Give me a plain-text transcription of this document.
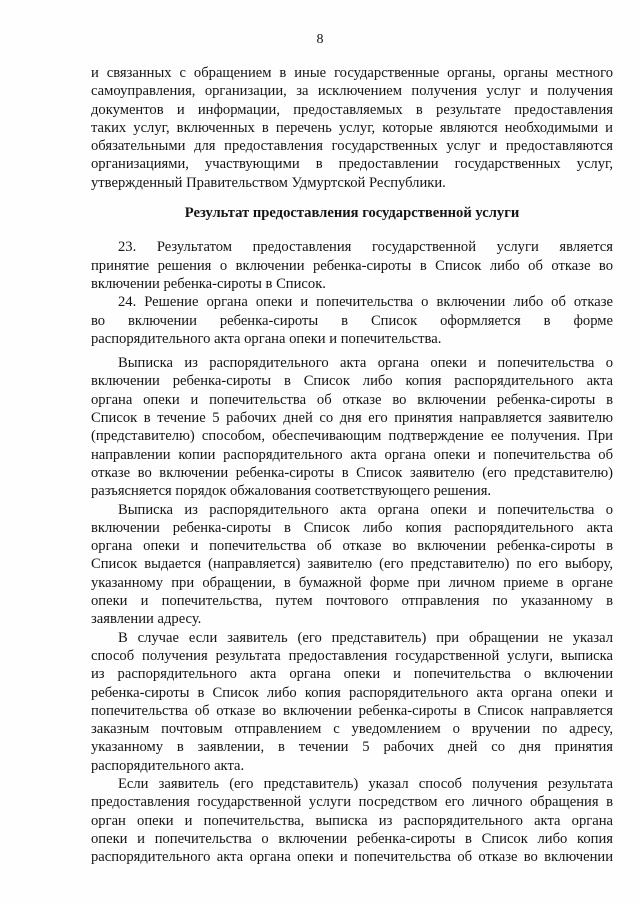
8
и связанных с обращением в иные государственные органы, органы местного
самоуправления, организации, за исключением получения услуг и получения
документов и информации, предоставляемых в результате предоставления
таких услуг, включенных в перечень услуг, которые являются необходимыми и
обязательными для предоставления государственных услуг и предоставляются
организациями, участвующими в предоставлении государственных услуг,
утвержденный Правительством Удмуртской Республики.
Результат предоставления государственной услуги
23. Результатом предоставления государственной услуги является
принятие решения о включении ребенка-сироты в Список либо об отказе во
включении ребенка-сироты в Список.
24. Решение органа опеки и попечительства о включении либо об отказе
во включении ребенка-сироты в Список оформляется в форме
распорядительного акта органа опеки и попечительства.
Выписка из распорядительного акта органа опеки и попечительства о
включении ребенка-сироты в Список либо копия распорядительного акта
органа опеки и попечительства об отказе во включении ребенка-сироты в
Список в течение 5 рабочих дней со дня его принятия направляется заявителю
(представителю) способом, обеспечивающим подтверждение ее получения. При
направлении копии распорядительного акта органа опеки и попечительства об
отказе во включении ребенка-сироты в Список заявителю (его представителю)
разъясняется порядок обжалования соответствующего решения.
Выписка из распорядительного акта органа опеки и попечительства о
включении ребенка-сироты в Список либо копия распорядительного акта
органа опеки и попечительства об отказе во включении ребенка-сироты в
Список выдается (направляется) заявителю (его представителю) по его выбору,
указанному при обращении, в бумажной форме при личном приеме в органе
опеки и попечительства, путем почтового отправления по указанному в
заявлении адресу.
В случае если заявитель (его представитель) при обращении не указал
способ получения результата предоставления государственной услуги, выписка
из распорядительного акта органа опеки и попечительства о включении
ребенка-сироты в Список либо копия распорядительного акта органа опеки и
попечительства об отказе во включении ребенка-сироты в Список направляется
заказным почтовым отправлением с уведомлением о вручении по адресу,
указанному в заявлении, в течении 5 рабочих дней со дня принятия
распорядительного акта.
Если заявитель (его представитель) указал способ получения результата
предоставления государственной услуги посредством его личного обращения в
орган опеки и попечительства, выписка из распорядительного акта органа
опеки и попечительства о включении ребенка-сироты в Список либо копия
распорядительного акта органа опеки и попечительства об отказе во включении
